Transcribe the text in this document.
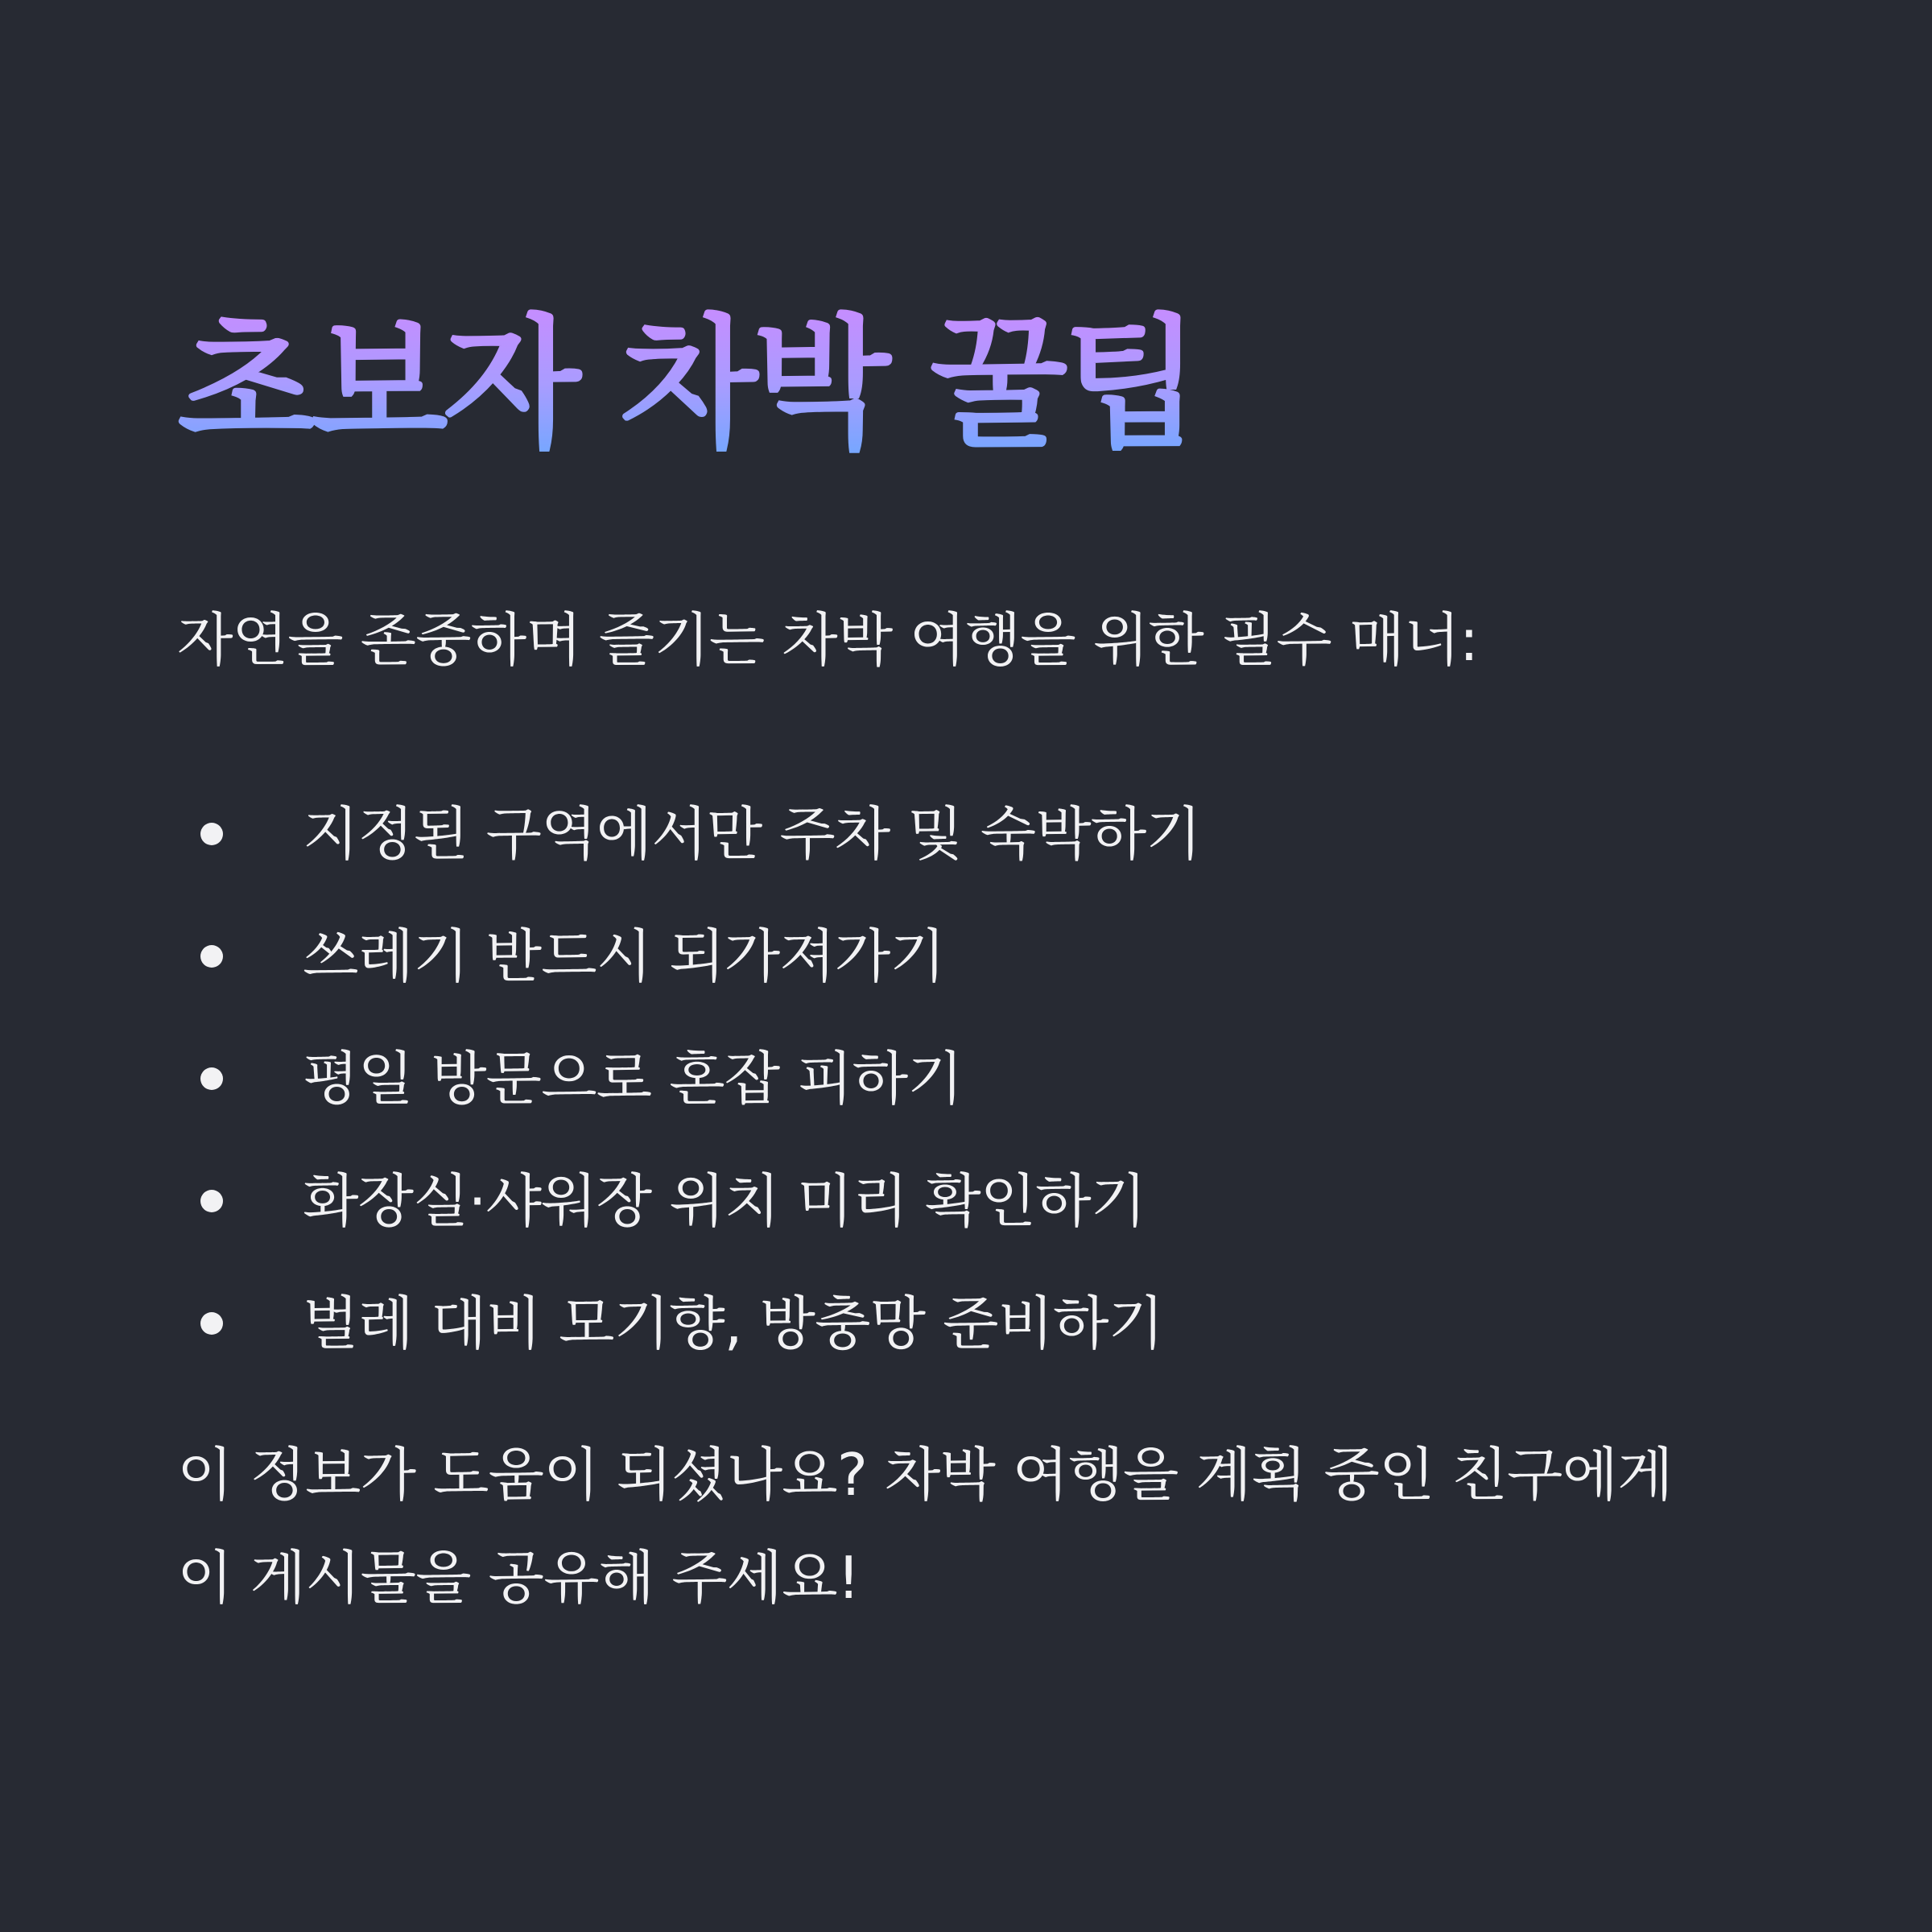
초보자 차박 꿀팁

자연을 존중하며 즐기는 차박 여행을 위한 필수 매너:

지정된 구역에서만 주차 및 숙박하기
쓰레기 반드시 되가져가기
평일 방문으로 혼잡 피하기
화장실·샤워장 위치 미리 확인하기
벌레 대비 모기향, 방충망 준비하기

이 정보가 도움이 되셨나요? 차박 여행을 계획 중인 친구에게
이 게시물을 공유해 주세요!
